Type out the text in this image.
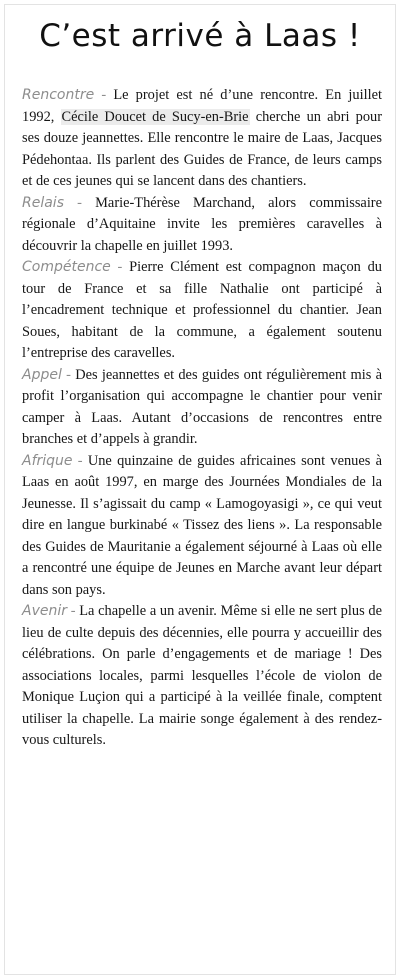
C’est arrivé à Laas !

Rencontre - Le projet est né d’une rencontre. En juillet 1992, Cécile Doucet de Sucy-en-Brie cherche un abri pour ses douze jeannettes. Elle rencontre le maire de Laas, Jacques Pédehontaa. Ils parlent des Guides de France, de leurs camps et de ces jeunes qui se lancent dans des chantiers.

Relais - Marie-Thérèse Marchand, alors commissaire régionale d’Aquitaine invite les premières caravelles à découvrir la chapelle en juillet 1993.

Compétence - Pierre Clément est compagnon maçon du tour de France et sa fille Nathalie ont participé à l’encadrement technique et professionnel du chantier. Jean Soues, habitant de la commune, a également soutenu l’entreprise des caravelles.

Appel - Des jeannettes et des guides ont régulièrement mis à profit l’organisation qui accompagne le chantier pour venir camper à Laas. Autant d’occasions de rencontres entre branches et d’appels à grandir.

Afrique - Une quinzaine de guides africaines sont venues à Laas en août 1997, en marge des Journées Mondiales de la Jeunesse. Il s’agissait du camp « Lamogoyasigi », ce qui veut dire en langue burkinabé « Tissez des liens ». La responsable des Guides de Mauritanie a également séjourné à Laas où elle a rencontré une équipe de Jeunes en Marche avant leur départ dans son pays.

Avenir - La chapelle a un avenir. Même si elle ne sert plus de lieu de culte depuis des décennies, elle pourra y accueillir des célébrations. On parle d’engagements et de mariage ! Des associations locales, parmi lesquelles l’école de violon de Monique Luçion qui a participé à la veillée finale, comptent utiliser la chapelle. La mairie songe également à des rendez-vous culturels.
